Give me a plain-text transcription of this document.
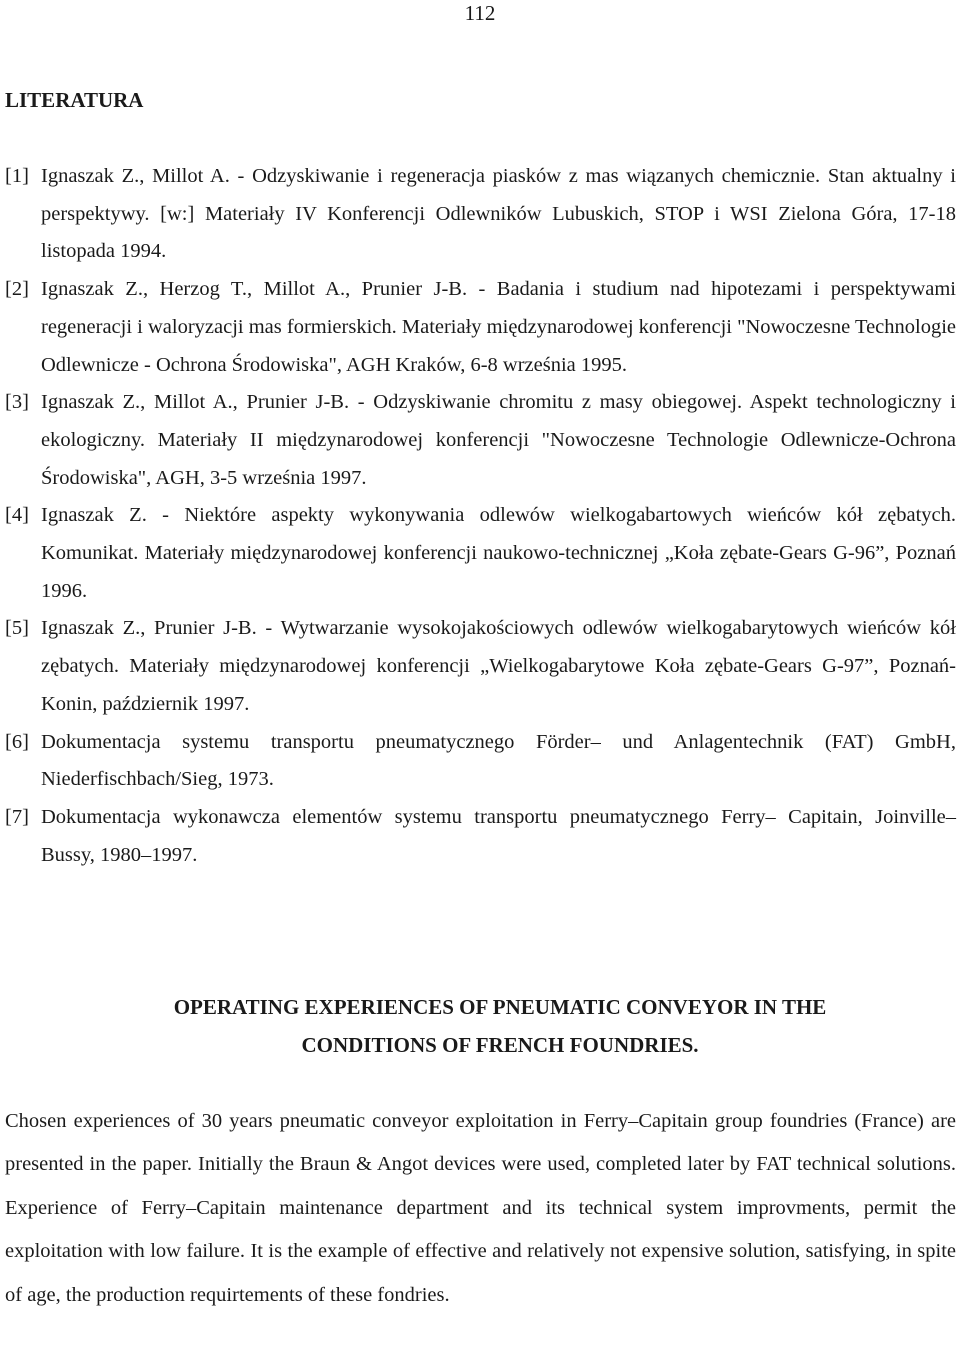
112
LITERATURA
[1] Ignaszak Z., Millot A. - Odzyskiwanie i regeneracja piasków z mas wiązanych chemicznie. Stan aktualny i perspektywy. [w:] Materiały IV Konferencji Odlewników Lubuskich, STOP i WSI Zielona Góra, 17-18 listopada 1994.
[2] Ignaszak Z., Herzog T., Millot A., Prunier J-B. - Badania i studium nad hipotezami i perspektywami regeneracji i waloryzacji mas formierskich. Materiały międzynarodowej konferencji "Nowoczesne Technologie Odlewnicze - Ochrona Środowiska", AGH Kraków, 6-8 września 1995.
[3] Ignaszak Z., Millot A., Prunier J-B. - Odzyskiwanie chromitu z masy obiegowej. Aspekt technologiczny i ekologiczny. Materiały II międzynarodowej konferencji "Nowoczesne Technologie Odlewnicze-Ochrona Środowiska", AGH, 3-5 września 1997.
[4] Ignaszak Z. - Niektóre aspekty wykonywania odlewów wielkogabartowych wieńców kół zębatych. Komunikat. Materiały międzynarodowej konferencji naukowo-technicznej „Koła zębate-Gears G-96”, Poznań 1996.
[5] Ignaszak Z., Prunier J-B. - Wytwarzanie wysokojakościowych odlewów wielkogabarytowych wieńców kół zębatych. Materiały międzynarodowej konferencji „Wielkogabarytowe Koła zębate-Gears G-97”, Poznań-Konin, październik 1997.
[6] Dokumentacja systemu transportu pneumatycznego Förder– und Anlagentechnik (FAT) GmbH, Niederfischbach/Sieg, 1973.
[7] Dokumentacja wykonawcza elementów systemu transportu pneumatycznego Ferry– Capitain, Joinville– Bussy, 1980–1997.
OPERATING EXPERIENCES OF PNEUMATIC CONVEYOR IN THE
CONDITIONS OF FRENCH FOUNDRIES.
Chosen experiences of 30 years pneumatic conveyor exploitation in Ferry–Capitain group foundries (France) are presented in the paper. Initially the Braun & Angot devices were used, completed later by FAT technical solutions. Experience of Ferry–Capitain maintenance department and its technical system improvments, permit the exploitation with low failure. It is the example of effective and relatively not expensive solution, satisfying, in spite of age, the production requirtements of these fondries.
